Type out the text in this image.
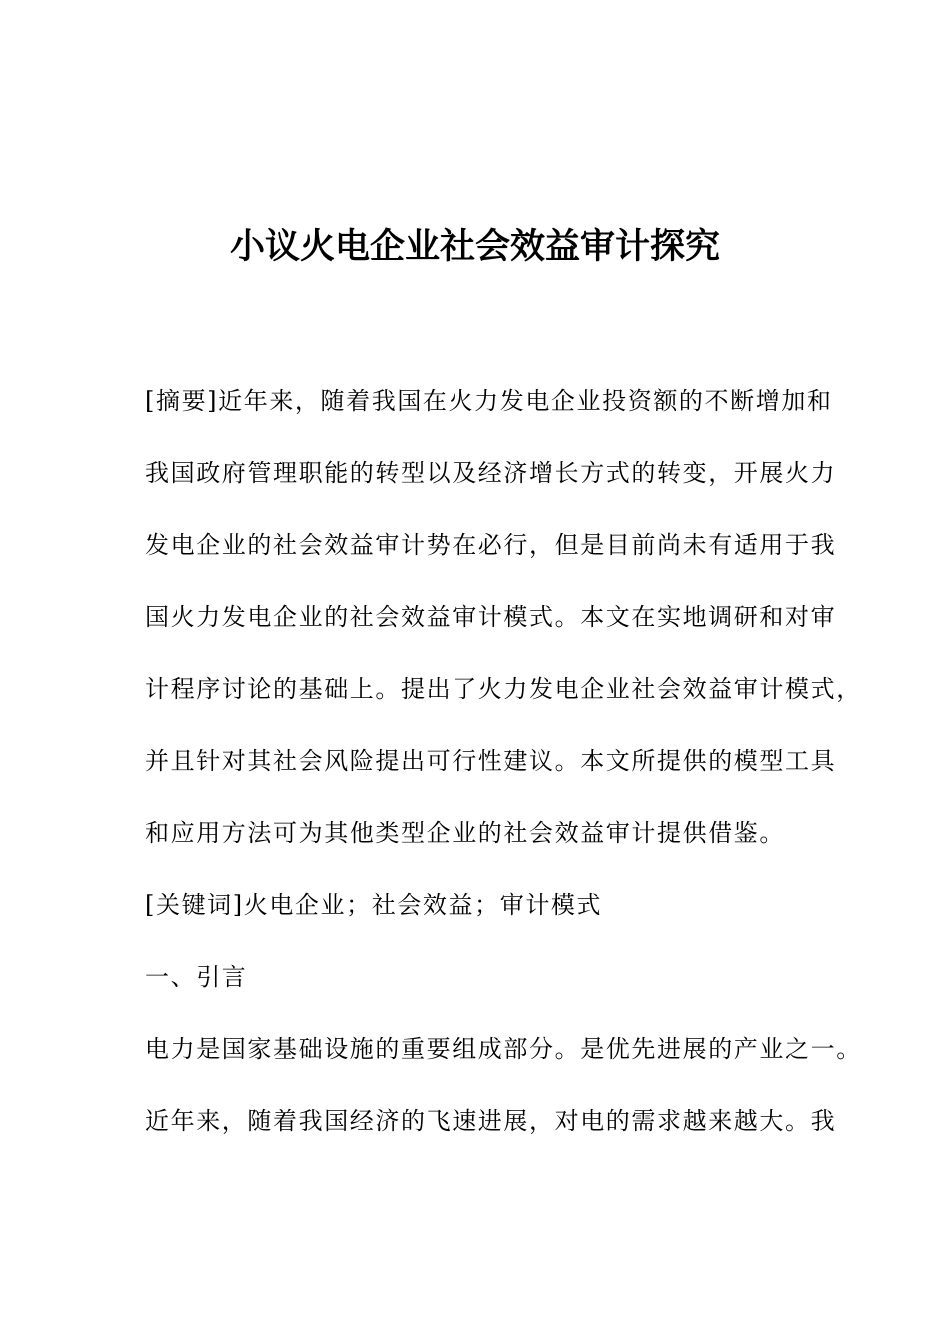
小议火电企业社会效益审计探究
[摘要]近年来，随着我国在火力发电企业投资额的不断增加和
我国政府管理职能的转型以及经济增长方式的转变，开展火力
发电企业的社会效益审计势在必行，但是目前尚未有适用于我
国火力发电企业的社会效益审计模式。本文在实地调研和对审
计程序讨论的基础上。提出了火力发电企业社会效益审计模式，
并且针对其社会风险提出可行性建议。本文所提供的模型工具
和应用方法可为其他类型企业的社会效益审计提供借鉴。
[关键词]火电企业；社会效益；审计模式
一、引言
电力是国家基础设施的重要组成部分。是优先进展的产业之一。
近年来，随着我国经济的飞速进展，对电的需求越来越大。我
